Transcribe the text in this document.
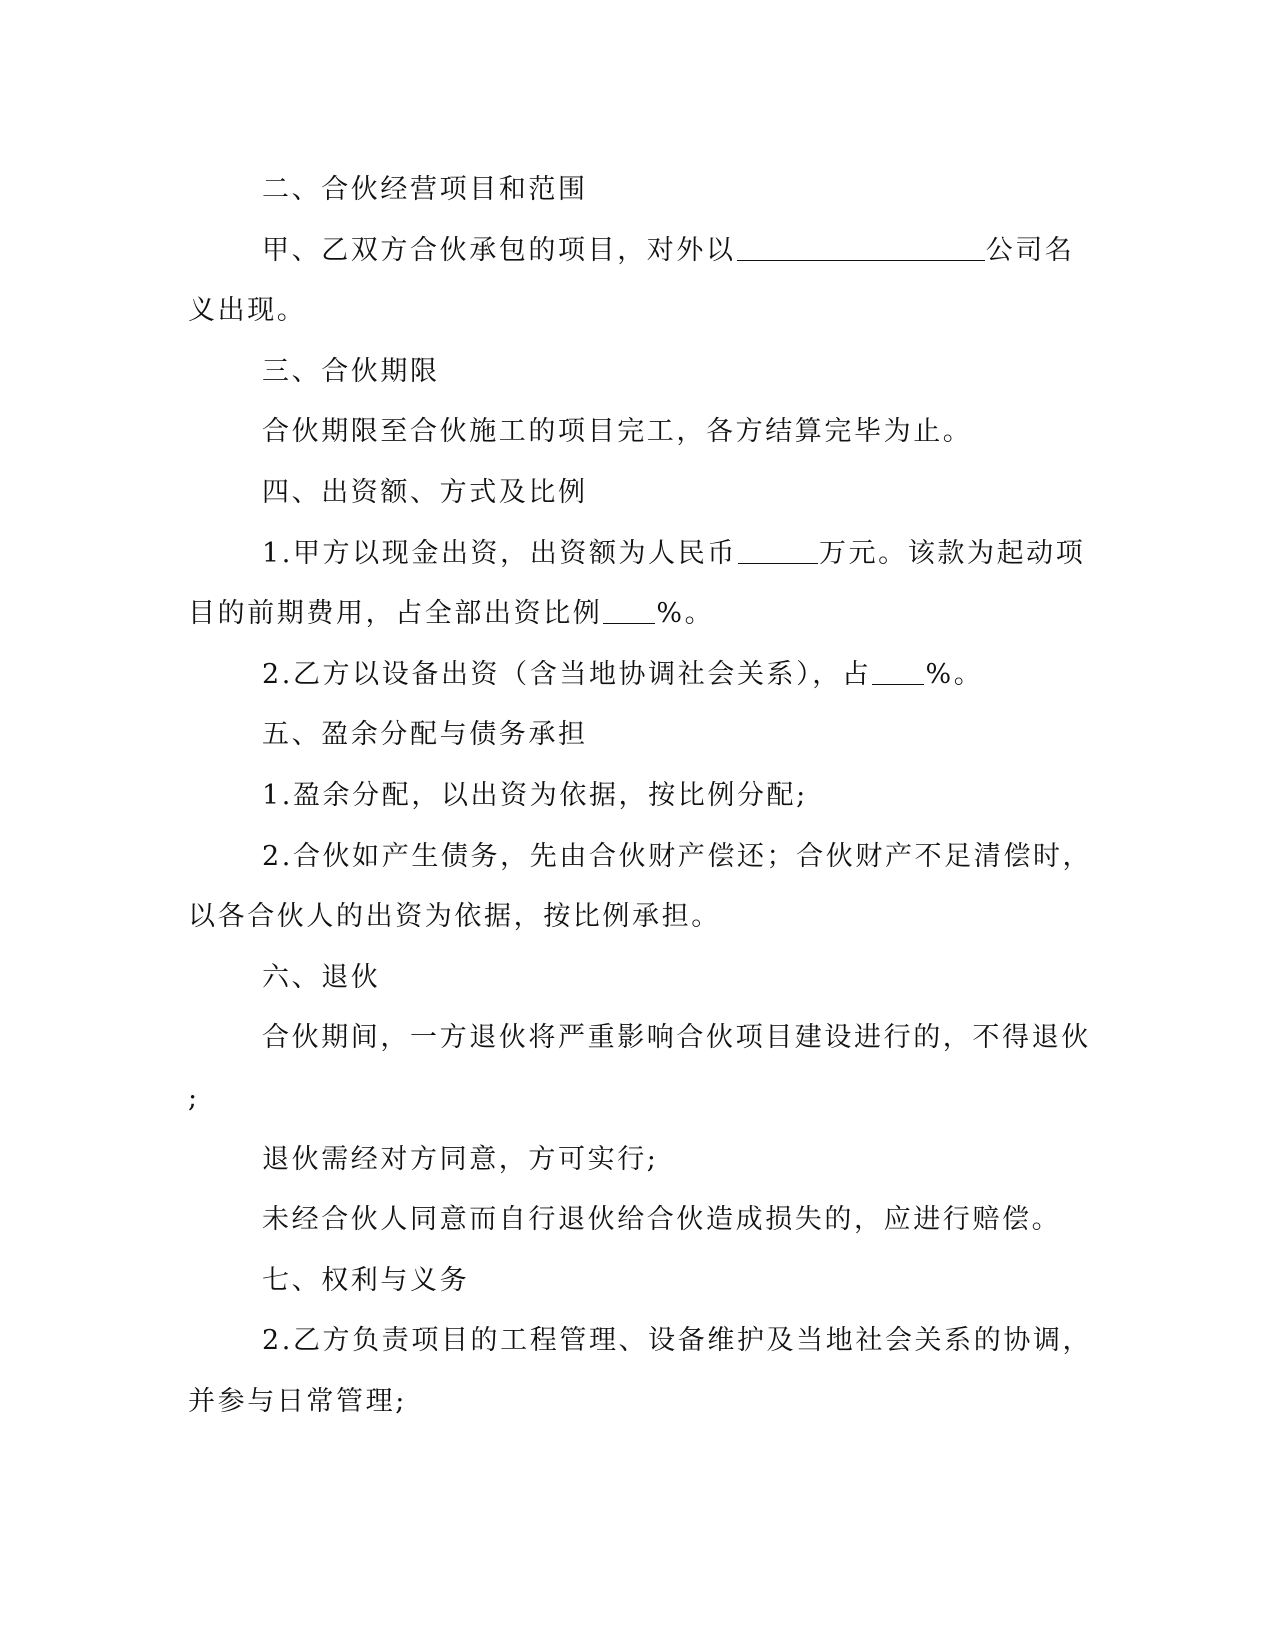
二、合伙经营项目和范围
甲、乙双方合伙承包的项目，对外以	公司名
义出现。
三、合伙期限
合伙期限至合伙施工的项目完工，各方结算完毕为止。
四、出资额、方式及比例
1.甲方以现金出资，出资额为人民币	万元。该款为起动项
目的前期费用，占全部出资比例 %。
2.乙方以设备出资（含当地协调社会关系），占 %。
五、盈余分配与债务承担
1.盈余分配，以出资为依据，按比例分配;
2.合伙如产生债务，先由合伙财产偿还；合伙财产不足清偿时，
以各合伙人的出资为依据，按比例承担。
六、退伙
合伙期间，一方退伙将严重影响合伙项目建设进行的，不得退伙
;
退伙需经对方同意，方可实行;
未经合伙人同意而自行退伙给合伙造成损失的，应进行赔偿。
七、权利与义务
2.乙方负责项目的工程管理、设备维护及当地社会关系的协调，
并参与日常管理;
